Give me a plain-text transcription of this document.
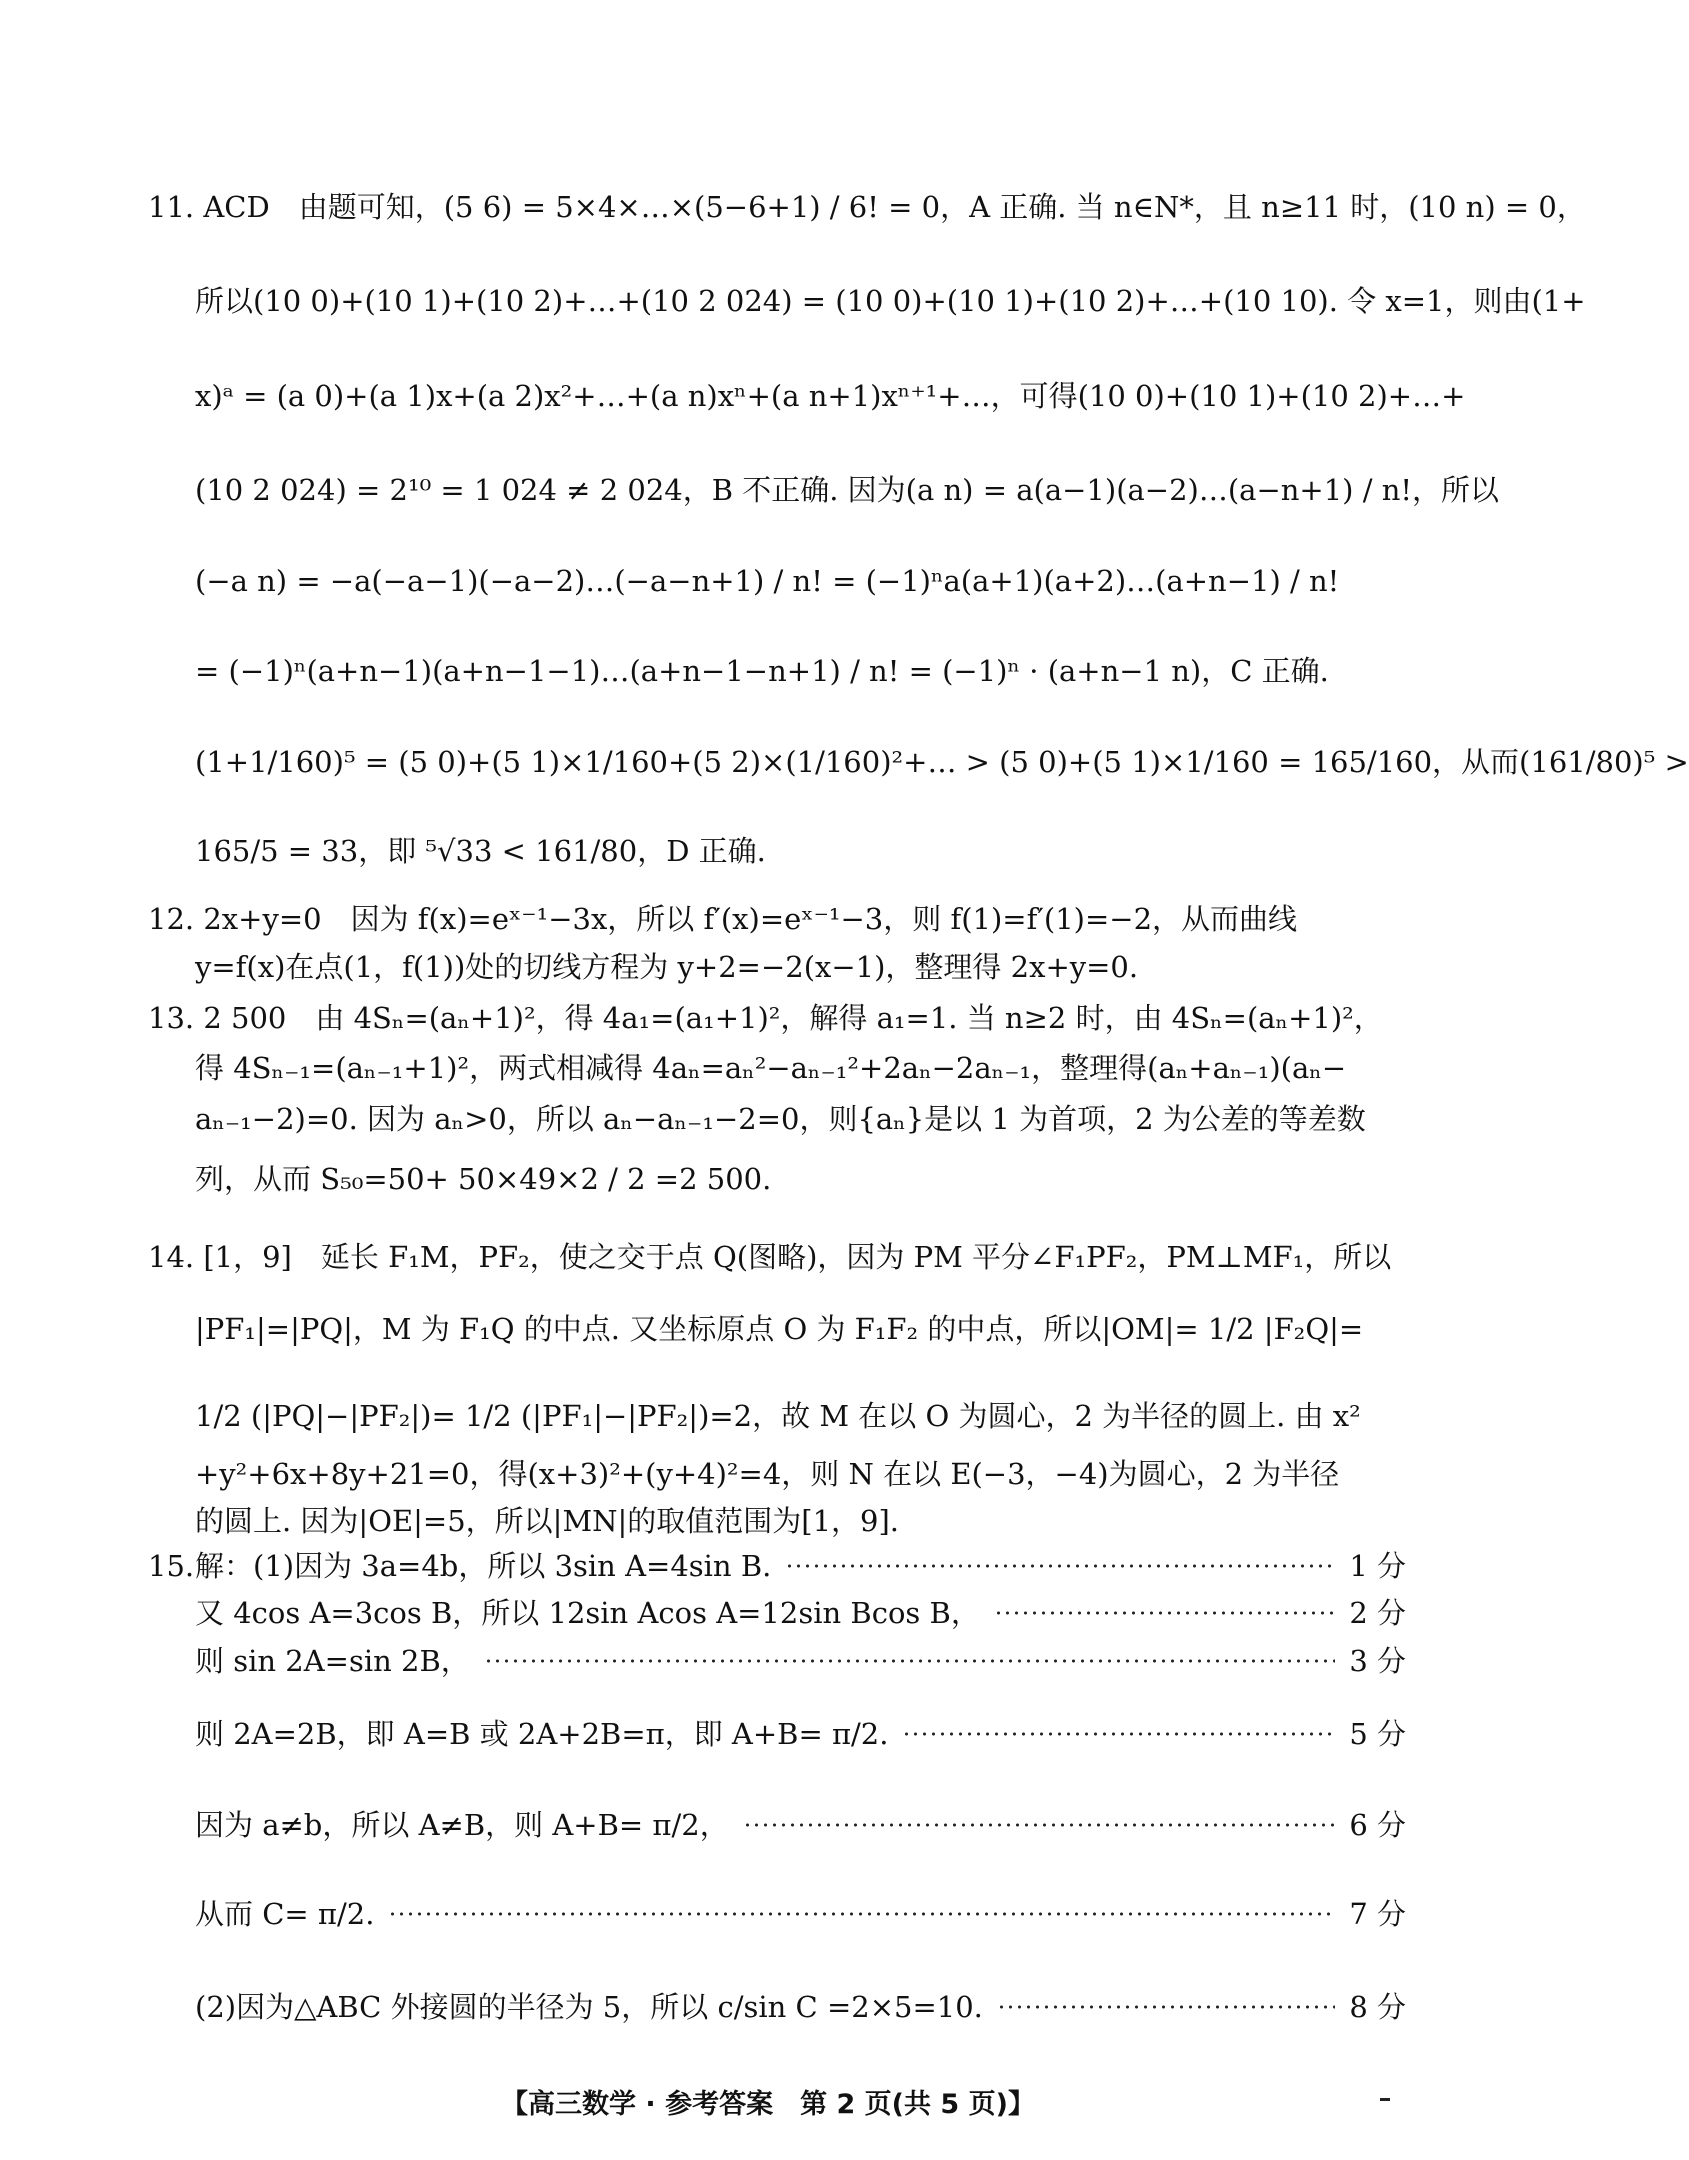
11. ACD　由题可知，(5 6) = 5×4×…×(5−6+1) / 6! = 0，A 正确. 当 n∈N*，且 n≥11 时，(10 n) = 0，
所以(10 0)+(10 1)+(10 2)+…+(10 2 024) = (10 0)+(10 1)+(10 2)+…+(10 10). 令 x=1，则由(1+
x)ᵃ = (a 0)+(a 1)x+(a 2)x²+…+(a n)xⁿ+(a n+1)xⁿ⁺¹+…，可得(10 0)+(10 1)+(10 2)+…+
(10 2 024) = 2¹⁰ = 1 024 ≠ 2 024，B 不正确. 因为(a n) = a(a−1)(a−2)…(a−n+1) / n!，所以
(−a n) = −a(−a−1)(−a−2)…(−a−n+1) / n! = (−1)ⁿa(a+1)(a+2)…(a+n−1) / n!
= (−1)ⁿ(a+n−1)(a+n−1−1)…(a+n−1−n+1) / n! = (−1)ⁿ · (a+n−1 n)，C 正确.
(1+1/160)⁵ = (5 0)+(5 1)×1/160+(5 2)×(1/160)²+… > (5 0)+(5 1)×1/160 = 165/160，从而(161/80)⁵ >
165/5 = 33，即 ⁵√33 < 161/80，D 正确.
12. 2x+y=0　因为 f(x)=eˣ⁻¹−3x，所以 f′(x)=eˣ⁻¹−3，则 f(1)=f′(1)=−2，从而曲线
y=f(x)在点(1，f(1))处的切线方程为 y+2=−2(x−1)，整理得 2x+y=0.
13. 2 500　由 4Sₙ=(aₙ+1)²，得 4a₁=(a₁+1)²，解得 a₁=1. 当 n≥2 时，由 4Sₙ=(aₙ+1)²，
得 4Sₙ₋₁=(aₙ₋₁+1)²，两式相减得 4aₙ=aₙ²−aₙ₋₁²+2aₙ−2aₙ₋₁，整理得(aₙ+aₙ₋₁)(aₙ−
aₙ₋₁−2)=0. 因为 aₙ>0，所以 aₙ−aₙ₋₁−2=0，则{aₙ}是以 1 为首项，2 为公差的等差数
列，从而 S₅₀=50+ 50×49×2 / 2 =2 500.
14. [1，9]　延长 F₁M，PF₂，使之交于点 Q(图略)，因为 PM 平分∠F₁PF₂，PM⊥MF₁，所以
|PF₁|=|PQ|，M 为 F₁Q 的中点. 又坐标原点 O 为 F₁F₂ 的中点，所以|OM|= 1/2 |F₂Q|=
1/2 (|PQ|−|PF₂|)= 1/2 (|PF₁|−|PF₂|)=2，故 M 在以 O 为圆心，2 为半径的圆上. 由 x²
+y²+6x+8y+21=0，得(x+3)²+(y+4)²=4，则 N 在以 E(−3，−4)为圆心，2 为半径
的圆上. 因为|OE|=5，所以|MN|的取值范围为[1，9].
15. 解：(1)因为 3a=4b，所以 3sin A=4sin B.	1 分
又 4cos A=3cos B，所以 12sin Acos A=12sin Bcos B，	2 分
则 sin 2A=sin 2B，	3 分
则 2A=2B，即 A=B 或 2A+2B=π，即 A+B= π/2.	5 分
因为 a≠b，所以 A≠B，则 A+B= π/2，	6 分
从而 C= π/2.	7 分
(2)因为△ABC 外接圆的半径为 5，所以 c/sin C =2×5=10.	8 分
【高三数学 · 参考答案　第 2 页(共 5 页)】
